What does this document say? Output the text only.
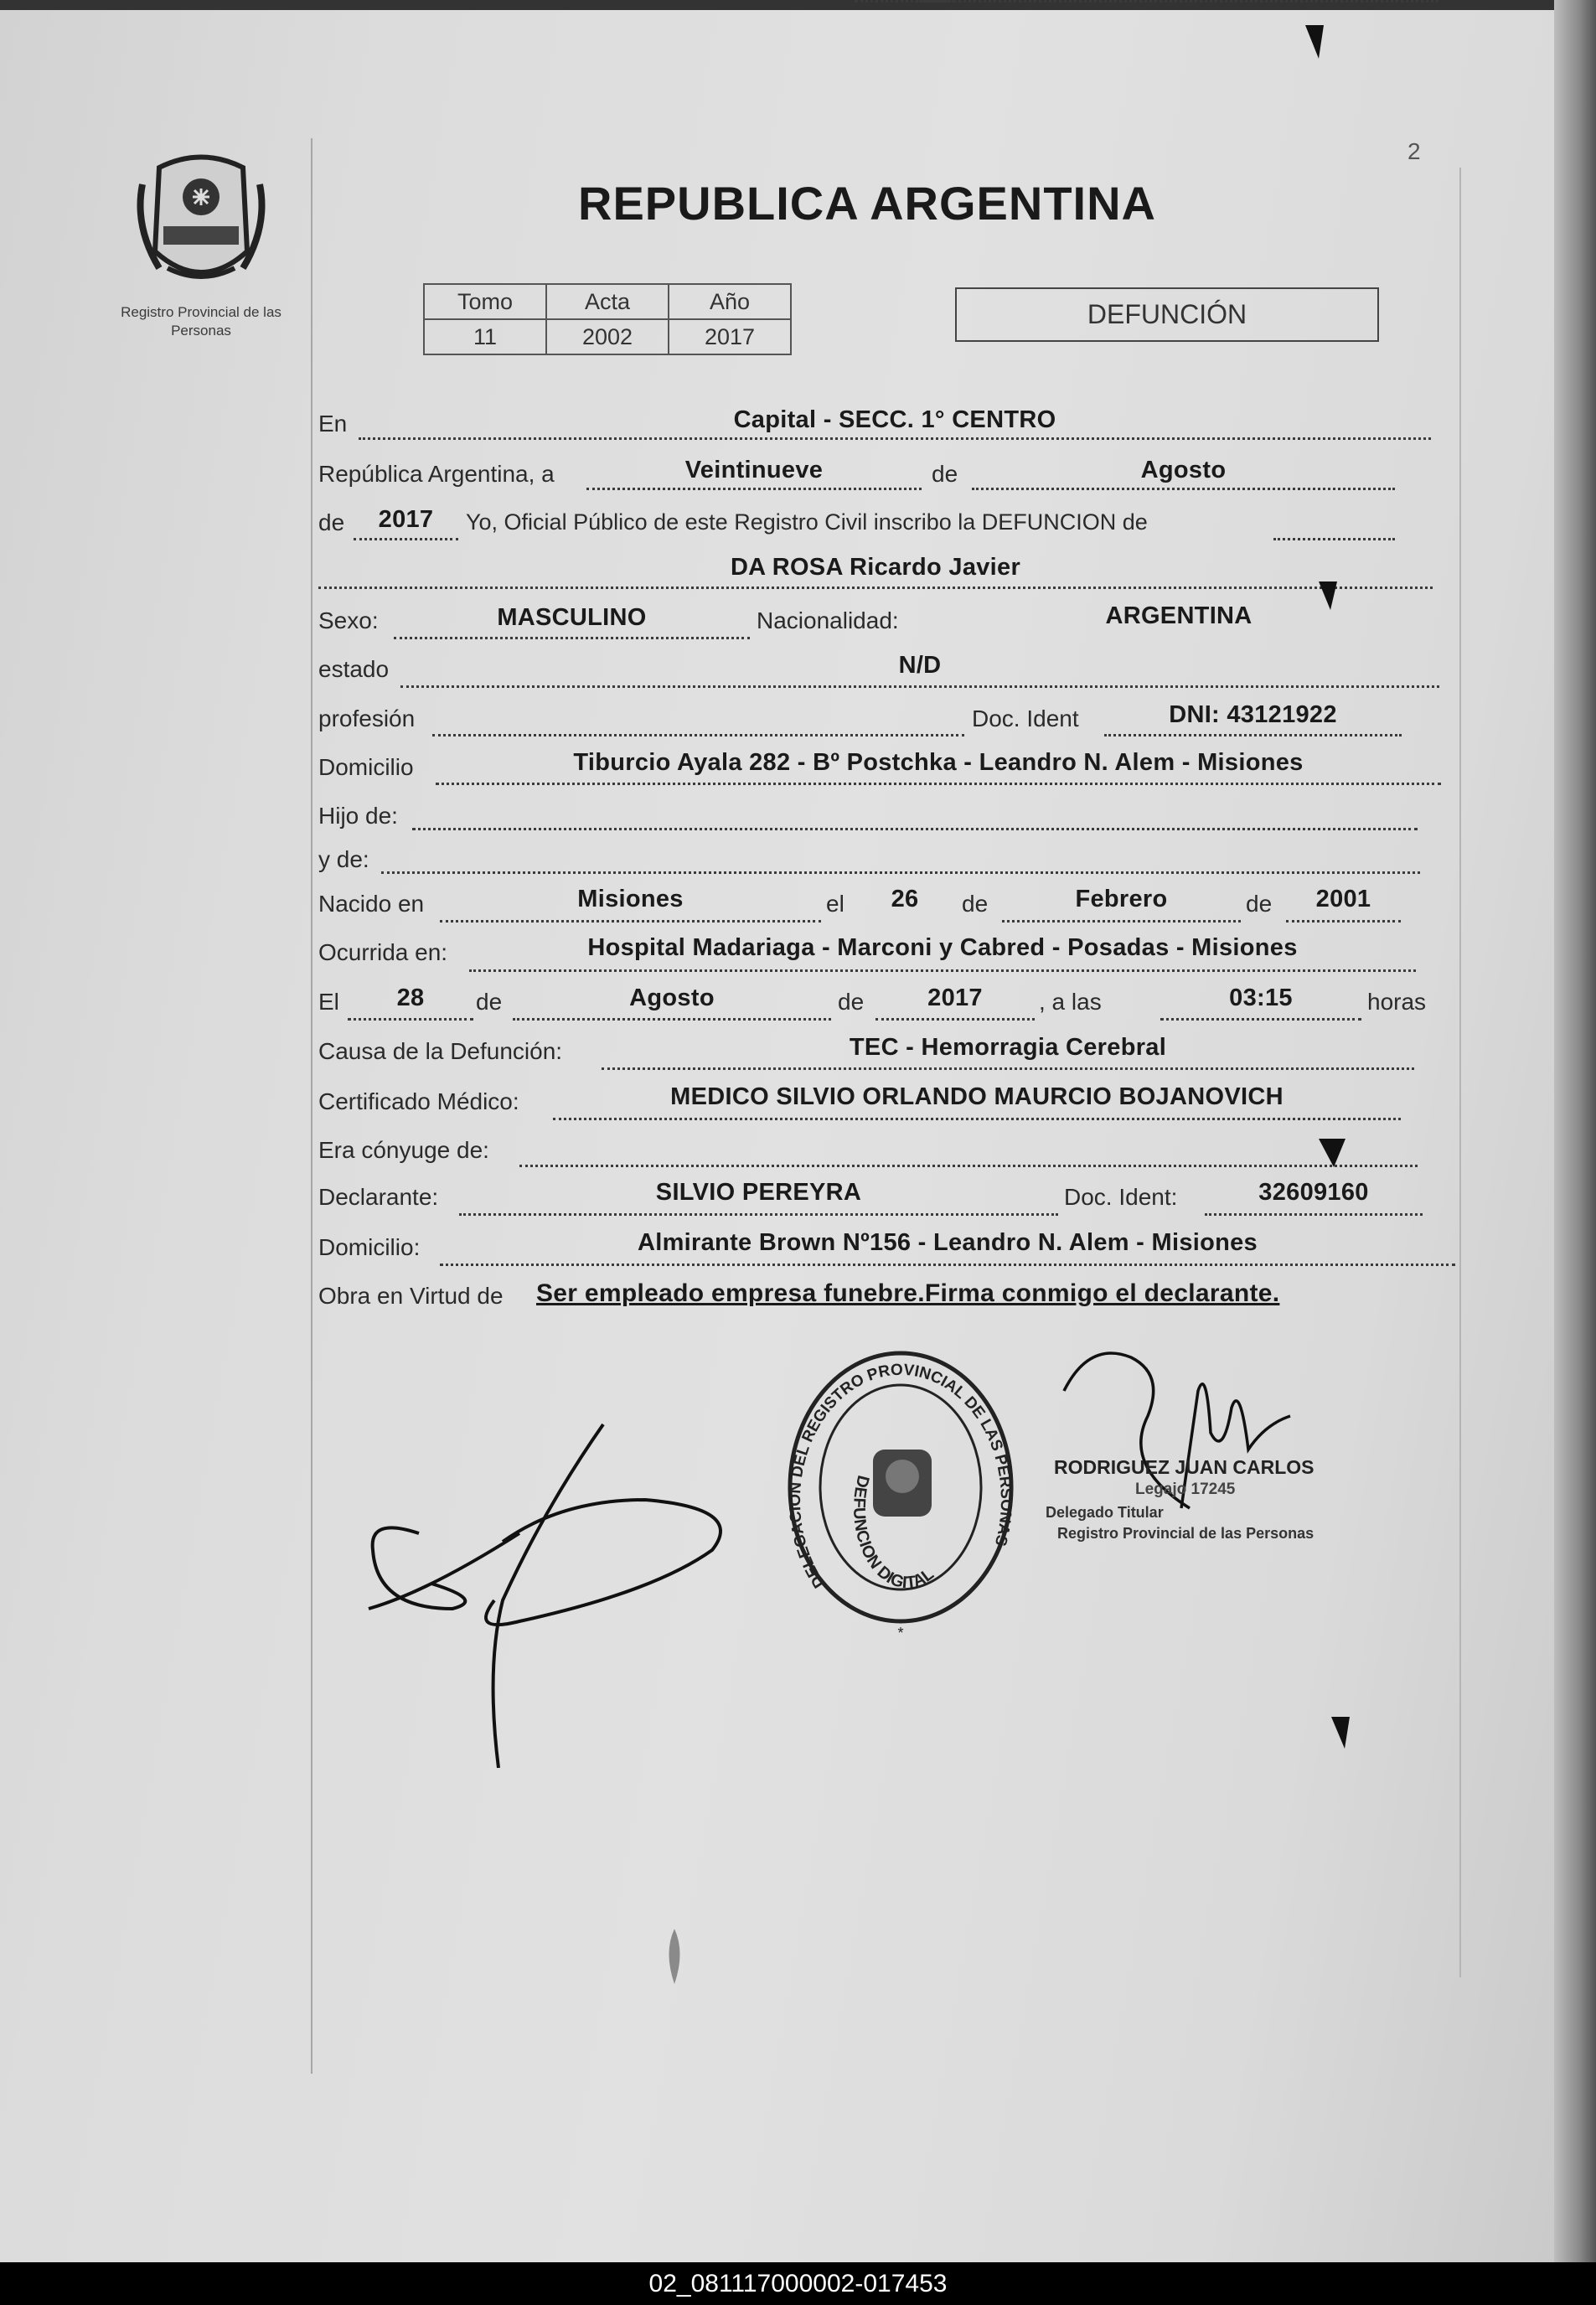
Registro Provincial de las Personas
2
REPUBLICA ARGENTINA
Tomo	Acta	Año
11	2002	2017
DEFUNCIÓN
En	Capital - SECC. 1° CENTRO
República Argentina, a	Veintinueve	de	Agosto
de	2017	Yo, Oficial Público de este Registro Civil inscribo la DEFUNCION de
DA ROSA Ricardo Javier
Sexo:	MASCULINO	Nacionalidad:	ARGENTINA
estado	N/D
profesión	Doc. Ident	DNI: 43121922
Domicilio	Tiburcio Ayala 282 - Bº Postchka - Leandro N. Alem - Misiones
Hijo de:
y de:
Nacido en	Misiones	el	26	de	Febrero	de	2001
Ocurrida en:	Hospital Madariaga - Marconi y Cabred - Posadas - Misiones
El	28	de	Agosto	de	2017	, a las	03:15	horas
Causa de la Defunción:	TEC - Hemorragia Cerebral
Certificado Médico:	MEDICO SILVIO ORLANDO MAURCIO BOJANOVICH
Era cónyuge de:
Declarante:	SILVIO PEREYRA	Doc. Ident:	32609160
Domicilio:	Almirante Brown Nº156 - Leandro N. Alem - Misiones
Obra en Virtud de Ser empleado empresa funebre.Firma conmigo el declarante.
DELEGACION DEL REGISTRO PROVINCIAL DE LAS PERSONAS
DEFUNCION DIGITAL
*
RODRIGUEZ JUAN CARLOS
Legajo 17245
Delegado Titular
Registro Provincial de las Personas
02_081117000002-017453
